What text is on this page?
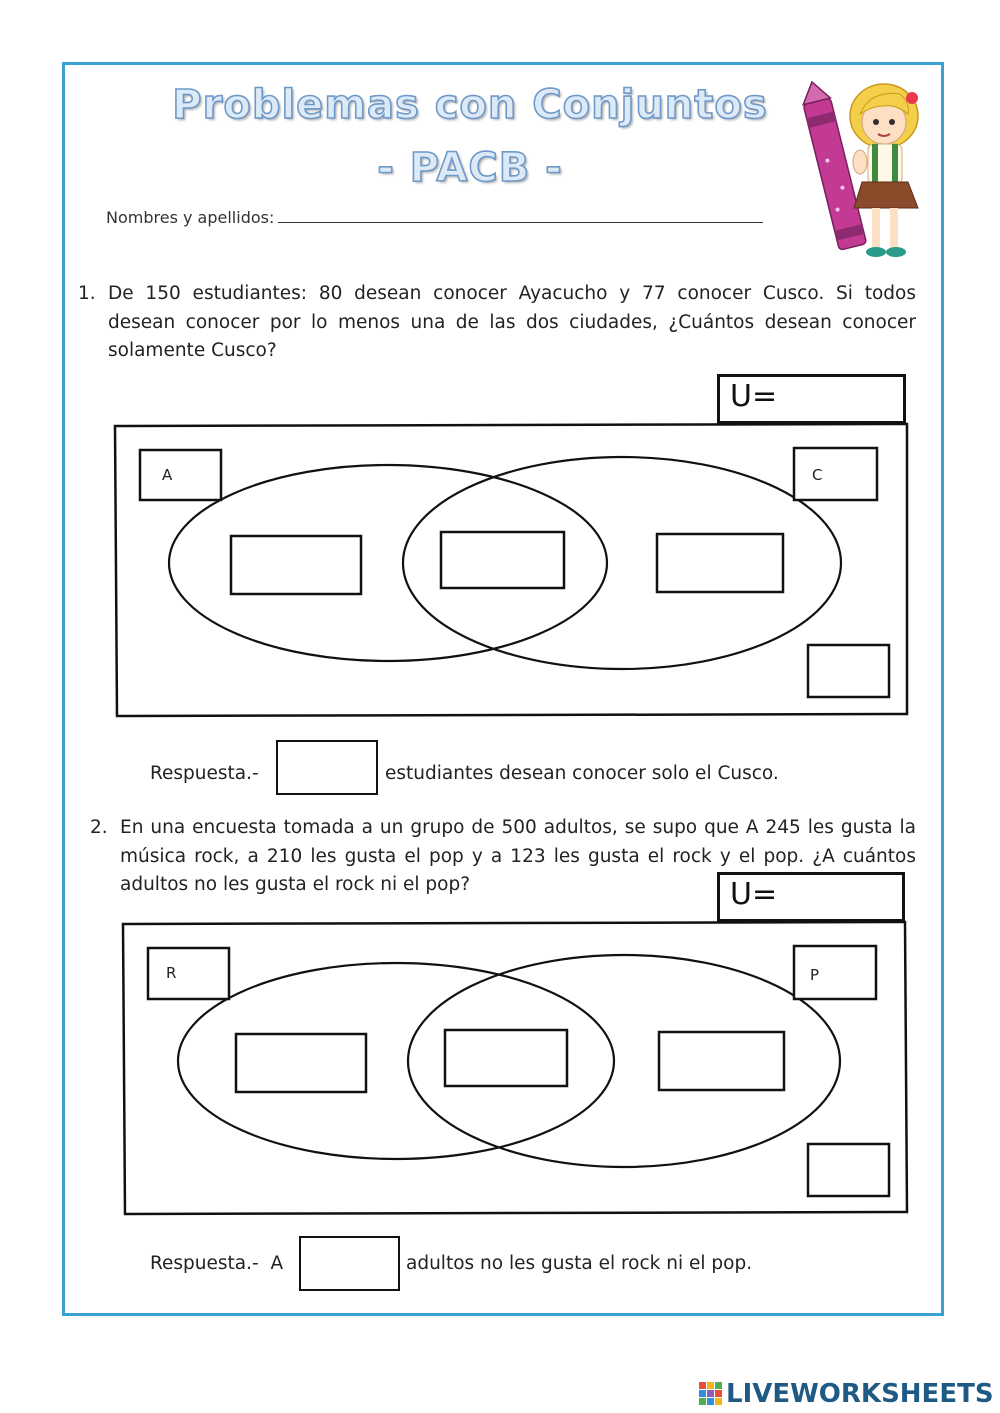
Problemas con Conjuntos
- PACB -
Nombres y apellidos:
1. De 150 estudiantes: 80 desean conocer Ayacucho y 77 conocer Cusco. Si todos desean conocer por lo menos una de las dos ciudades, ¿Cuántos desean conocer solamente Cusco?
U=
A	C
Respuesta.-	estudiantes desean conocer solo el Cusco.
2. En una encuesta tomada a un grupo de 500 adultos, se supo que A 245 les gusta la música rock, a 210 les gusta el pop y a 123 les gusta el rock y el pop. ¿A cuántos adultos no les gusta el rock ni el pop?	U=
R	P
Respuesta.-  A	adultos no les gusta el rock ni el pop.
LIVEWORKSHEETS
